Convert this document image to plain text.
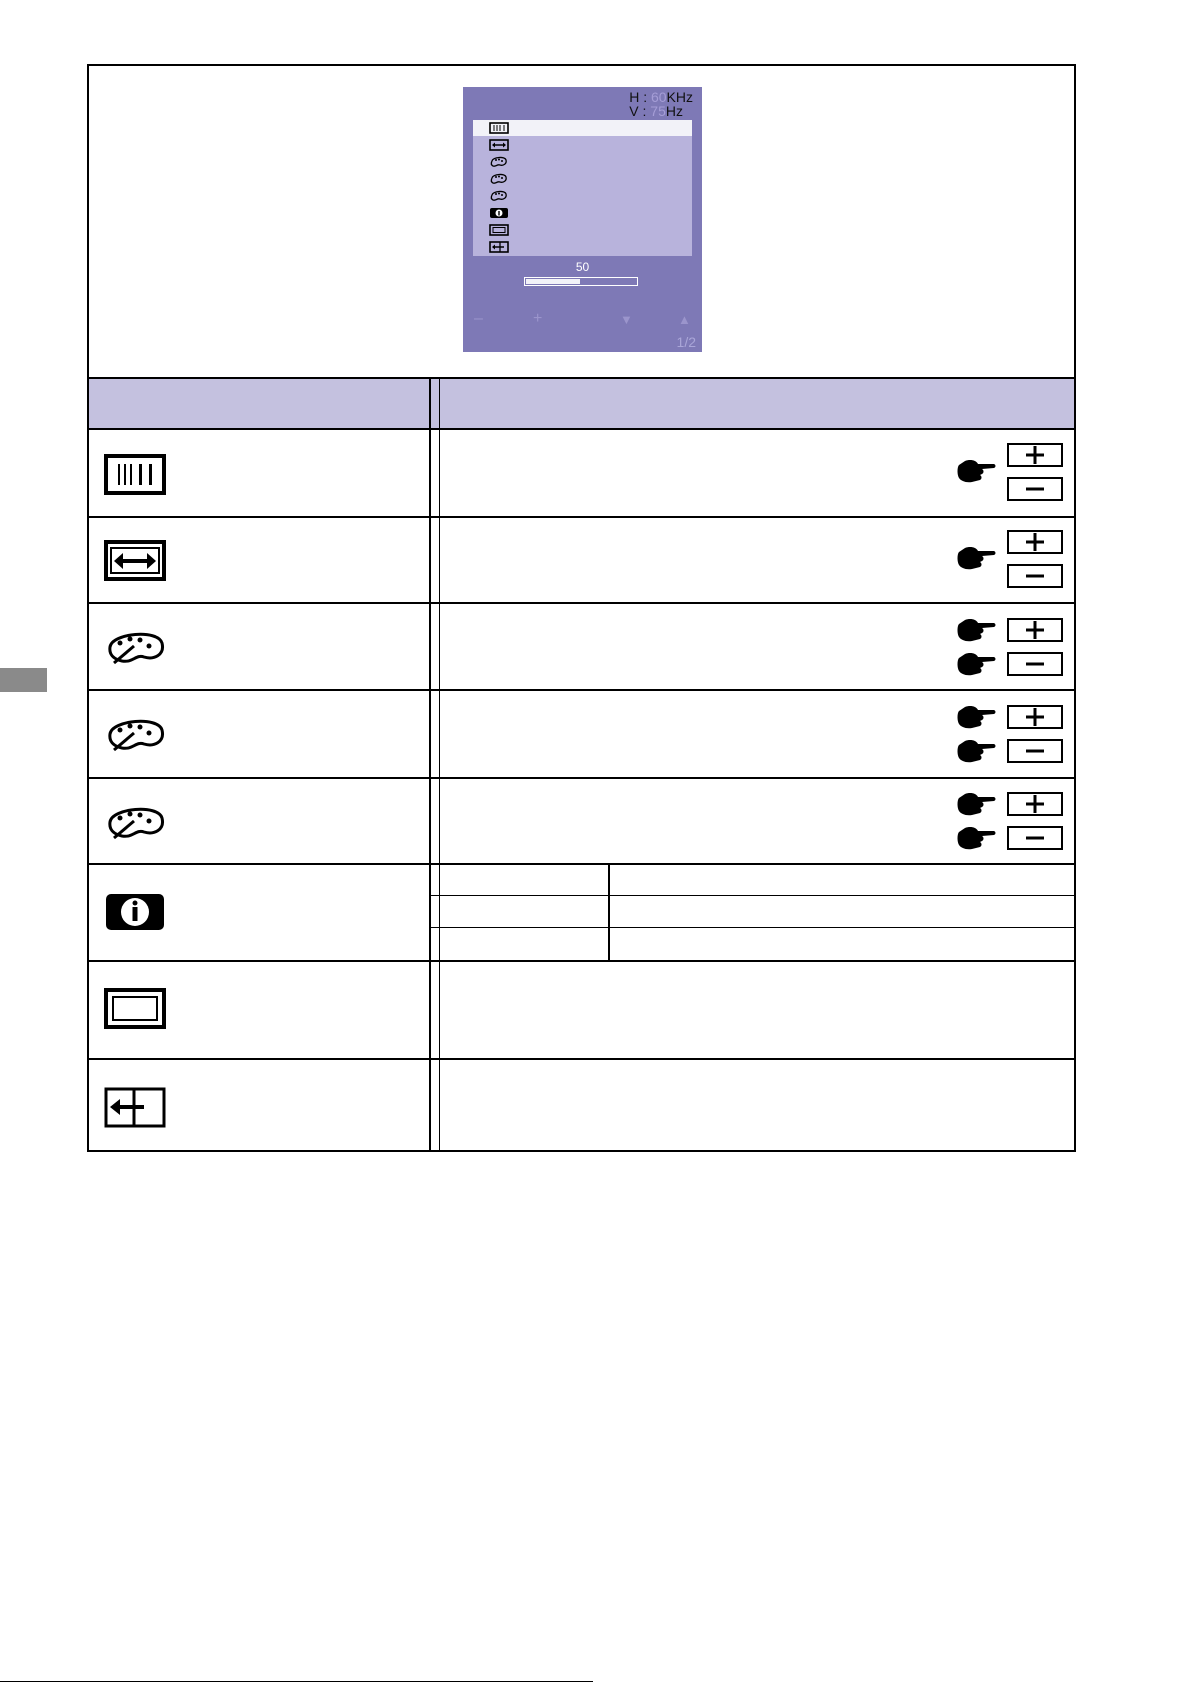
H : 60KHz
V : 75Hz
50
–	+	▼	▲
1/2
